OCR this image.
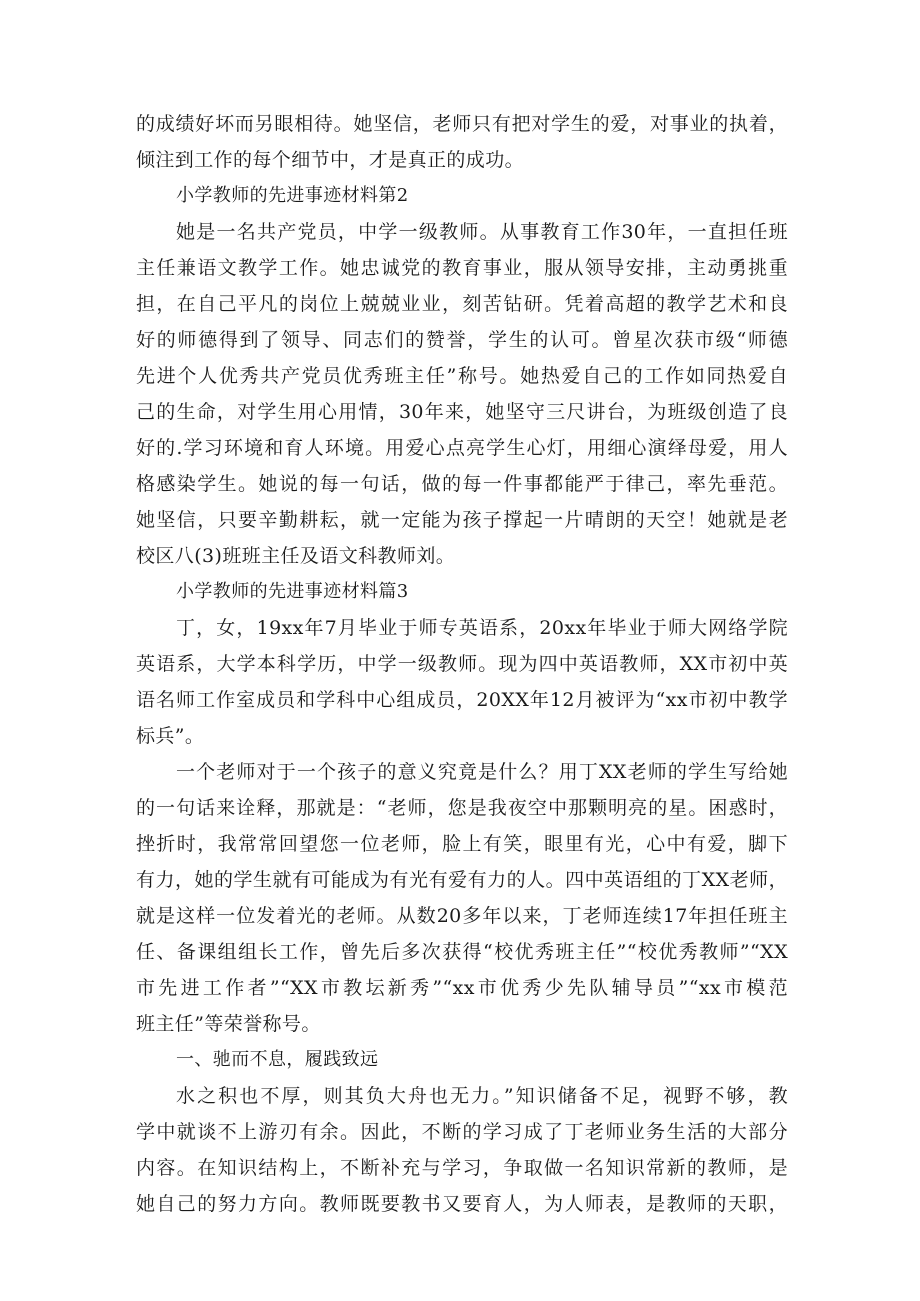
的成绩好坏而另眼相待。她坚信，老师只有把对学生的爱，对事业的执着，
倾注到工作的每个细节中，才是真正的成功。
小学教师的先进事迹材料第2
她是一名共产党员，中学一级教师。从事教育工作30年，一直担任班
主任兼语文教学工作。她忠诚党的教育事业，服从领导安排，主动勇挑重
担，在自己平凡的岗位上兢兢业业，刻苦钻研。凭着高超的教学艺术和良
好的师德得到了领导、同志们的赞誉，学生的认可。曾星次获市级“师德
先进个人优秀共产党员优秀班主任”称号。她热爱自己的工作如同热爱自
己的生命，对学生用心用情，30年来，她坚守三尺讲台，为班级创造了良
好的.学习环境和育人环境。用爱心点亮学生心灯，用细心演绎母爱，用人
格感染学生。她说的每一句话，做的每一件事都能严于律己，率先垂范。
她坚信，只要辛勤耕耘，就一定能为孩子撑起一片晴朗的天空！她就是老
校区八(3)班班主任及语文科教师刘。
小学教师的先进事迹材料篇3
丁，女，19xx年7月毕业于师专英语系，20xx年毕业于师大网络学院
英语系，大学本科学历，中学一级教师。现为四中英语教师，XX市初中英
语名师工作室成员和学科中心组成员，20XX年12月被评为“xx市初中教学
标兵”。
一个老师对于一个孩子的意义究竟是什么？用丁XX老师的学生写给她
的一句话来诠释，那就是：“老师，您是我夜空中那颗明亮的星。困惑时，
挫折时，我常常回望您一位老师，脸上有笑，眼里有光，心中有爱，脚下
有力，她的学生就有可能成为有光有爱有力的人。四中英语组的丁XX老师，
就是这样一位发着光的老师。从数20多年以来，丁老师连续17年担任班主
任、备课组组长工作，曾先后多次获得“校优秀班主任”“校优秀教师”“XX
市先进工作者”“XX市教坛新秀”“xx市优秀少先队辅导员”“xx市模范
班主任”等荣誉称号。
一、驰而不息，履践致远
水之积也不厚，则其负大舟也无力。”知识储备不足，视野不够，教
学中就谈不上游刃有余。因此，不断的学习成了丁老师业务生活的大部分
内容。在知识结构上，不断补充与学习，争取做一名知识常新的教师，是
她自己的努力方向。教师既要教书又要育人，为人师表，是教师的天职，
